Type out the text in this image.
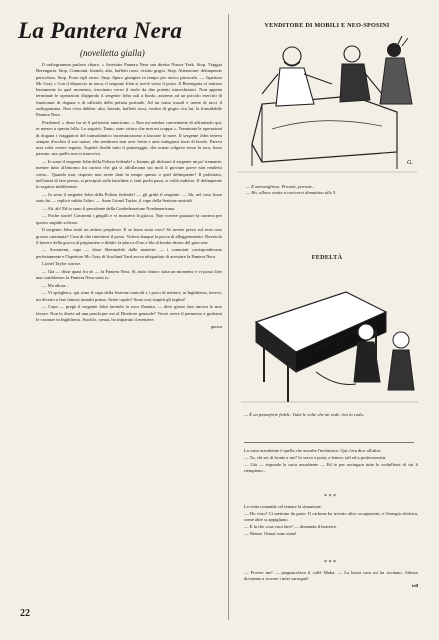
La Pantera Nera
(novelletta gialla)

Il radiogramma parlava chiaro. « Arresiate Pantera Nera sua diretta Nuova York. Stop. Viaggia Berengaria. Stop. Connotati: biondo, alto, baffetti rossi, vestito grigio. Stop. Attenzione: delinquente pericoloso. Stop. Porto egli eroso. Stop. Spero giungere in tempo per arrivo piroscafo. — Ispettore Mc Gray » Con il dispaccio in tasca, il sergente John si avviò verso il porto. Il Berengaria vi entrava lentamente in quel momento, trascinato verso il molo da due potenti rimorchiatori. Non appena terminate le operazioni d'approdo il sergente John salì a bordo, assieme ad un piccolo esercito di funzionari di dogana e di ufficiali della polizia portuale. Ad un tratto trasalì e tremò di tacci il radiogramma. Non v'era dubbio: alto, biondo, baffetti rossi, vestito di grigio: era lui, la formidabile Pantera Nera.

Prudenza! » disse fra sè il poliziotto americano. « Non mi sembra conveniente di affrontarlo qui, in mezzo a questa folla. Lo seguirò. Tanto, sono sicuro che non mi scappa ». Terminate le operazioni di dogana i viaggiatori del transatlantico incominciarono a lasciare la nave. Il sergente John teneva sempre d'occhio il suo uomo, che sembrava non aver fretta e anzi indugiava fuori di bordo. Pareva non voler essere seguito. Aspettò finchè tutto il pomeriggio, che ormai volgeva verso la sera, fosse passato: ma quello non si muoveva.

— Io sono il sergente John della Polizia federale! » Intanto gli dichiarò il sergente un po' tremante, mentre tutto all'intorno fra curiosi che già si affollavano sui moli il giovane parve non rendersi conto... Quando mai, risposte non avete dato in tempo questo o quel delinquente? Il poliziotto, nell'ansia di fare presto, si precipitò sulla banchina e, fatti pochi passi, si voltò indietro. Il delinquente lo seguiva indifferente.

— Io sono il sergente John della Polizia federale! — gli gridò il sergente. — Ah, nel caso fosse stato lui — replicò subito l'altro. — Sono Lionel Taylor, il capo della Sezione omicidi.

— Ah, ah! Ed io sono il presidente della Confederazione Nordamericana.

— Poche storie! Cavatemi i gingilli e vi mostrerò la giacca. Non vorrete guastare la carriera per questo stupido scherzo.

Il sergente John restò un attimo perplesso. E se fosse stata vero? Se avesse preso sul serio uno grosso cantonata? Cosa di che rimettersi il posto. Voleva dunque la prova di alleggerimento. Rovesciò il bavero della giacca al prigioniero e difatti: la placca d'oro e blu al lembo destro del giaccone.

— Scusatemi, capo — disse liberandolo dalle manette; — i connotati corrispondevano perfettamente e l'Ispettore Mc Gray di Scotland Yard aveva telegrafato di arrestare la Pantera Nera.

Lionel Taylor sorrise.

— Già — disse quasi fra sè. — la Pantera Nera. Sì, tutto chiaro: stata un momento e vi posso fare una confidenza: la Pantera Nera sono io.

— Ma allora...

— Vi spieghero, qui sono il capo della Sezione omicidi e i porci di metteri; in Inghilterra, invece, mi diverto a fare famosi tumulti prima. Avete capito? Sono così stupidi gli inglesi!

— Capo — pregò il sergente John facendo la voce flautata, — deve giusto fare ancora lo mio favore. Non lo direte ad una parola per me al Direttore generale? Vorrei avere il permesso e godermi le vacanze in Inghilterra. Anch'io, ormai, ho imparato il mestiere.

gunea

22
VENDITORE DI MOBILI E NEO-SPOSINI
G.
— E meraviglioso. Provate, provate...
— Ho, allora venite a coricarvi domattina alle 5.
FEDELTÀ
— È un pianoforte fedele. Tutte le volte che mi vede, tira la coda.

La carta assorbente è quella che assorbe l'inchiostro. Qui c'era dice all'altra:

— Tu, chi sei di fronte a me? Io servo a posti, a lettere, tali ed a professionisti.

— Già — risponde la carta assorbente — Ed io per asciugare tutte le corbellerie di cui li riempiono...

* * *

La vinta comanda col tentare la situazione.

— Ho visto! Ci mettono da parte. Il carbone ha trovato altre occupazioni, e l'energia elettrica, come altre si appigliano.

— E la che cosa vuoi fare? — domanda il braciere.

— Niente. Ormai sono stata!

* * *

— Povero me! — piagnucolava il caffè Moka. — La borsa vara mi ha rovinato. Adesso dovranno a trovare i miei surrogati!

tell
